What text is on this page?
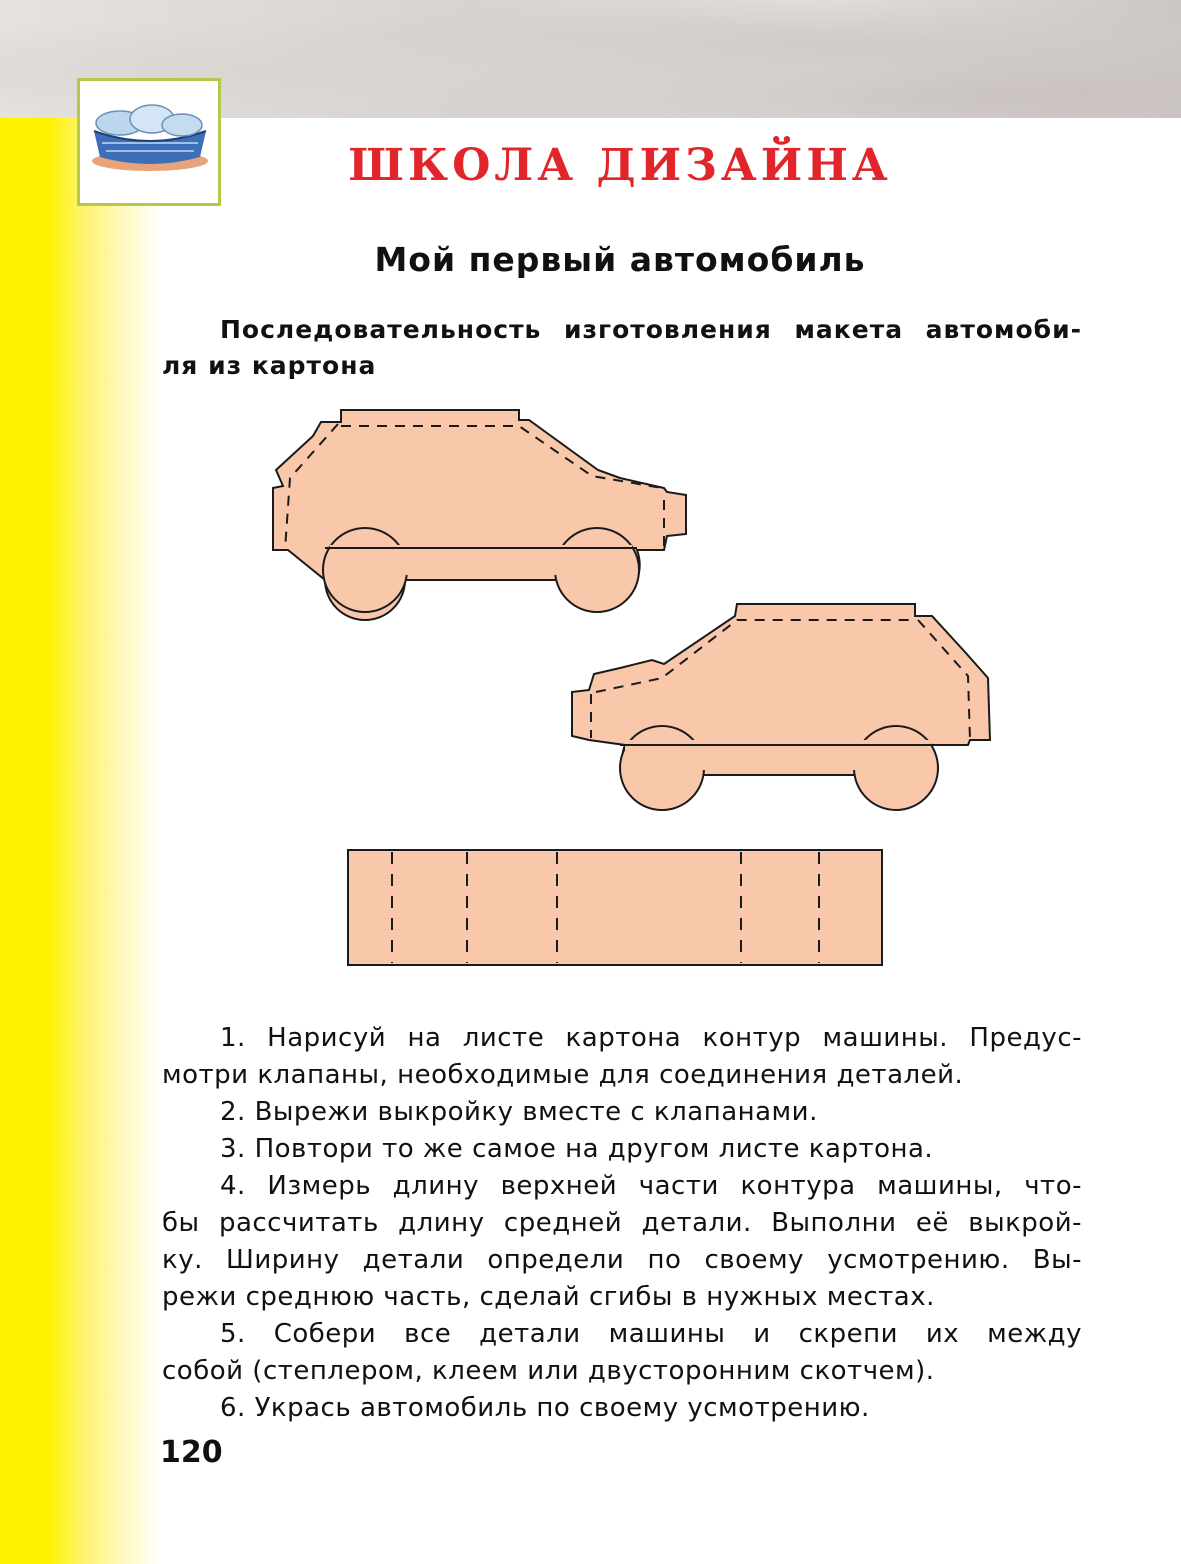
ШКОЛА ДИЗАЙНА
Мой первый автомобиль
Последовательность изготовления макета автомоби-
ля из картона
1. Нарисуй на листе картона контур машины. Предус-
мотри клапаны, необходимые для соединения деталей.
2. Вырежи выкройку вместе с клапанами.
3. Повтори то же самое на другом листе картона.
4. Измерь длину верхней части контура машины, что-
бы рассчитать длину средней детали. Выполни её выкрой-
ку. Ширину детали определи по своему усмотрению. Вы-
режи среднюю часть, сделай сгибы в нужных местах.
5. Собери все детали машины и скрепи их между
собой (степлером, клеем или двусторонним скотчем).
6. Укрась автомобиль по своему усмотрению.
120
